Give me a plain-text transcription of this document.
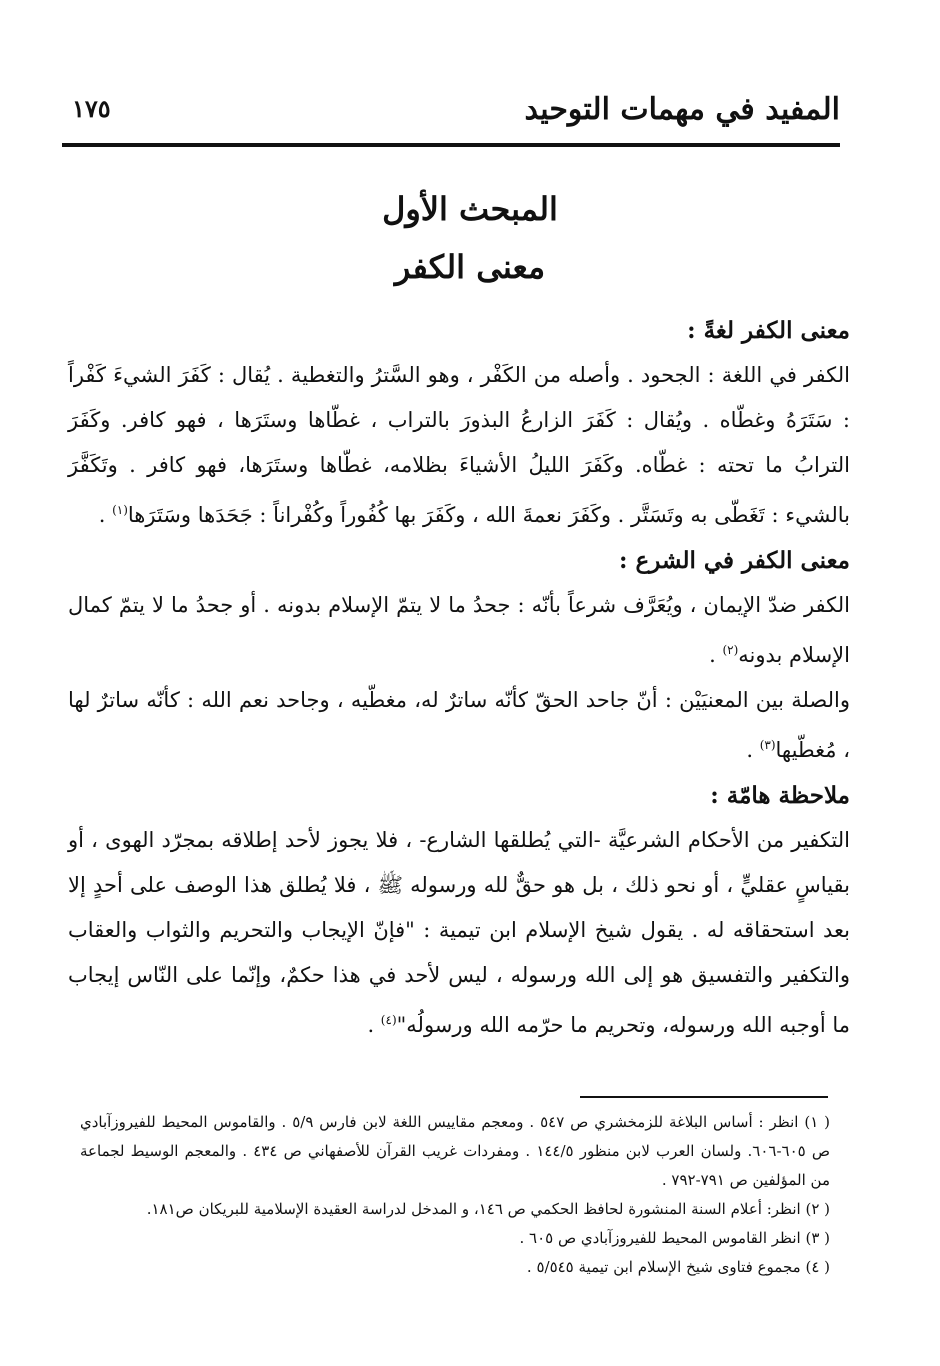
المفيد في مهمات التوحيد
١٧٥
المبحث الأول
معنى الكفر

معنى الكفر لغةً :

الكفر في اللغة : الجحود . وأصله من الكَفْر ، وهو السَّترُ والتغطية . يُقال : كَفَرَ الشيءَ كَفْراً : سَتَرَهُ وغطّاه . ويُقال : كَفَرَ الزارعُ البذورَ بالتراب ، غطّاها وستَرَها ، فهو كافر. وكَفَرَ الترابُ ما تحته : غطّاه. وكَفَرَ الليلُ الأشياءَ بظلامه، غطّاها وستَرَها، فهو كافر . وتَكَفَّرَ بالشيء : تَغَطّى به وتَسَتَّر . وكَفَرَ نعمةَ الله ، وكَفَرَ بها كُفُوراً وكُفْراناً : جَحَدَها وسَتَرَها$^{(١)}$ .

معنى الكفر في الشرع :

الكفر ضدّ الإيمان ، ويُعَرَّف شرعاً بأنّه : جحدُ ما لا يتمّ الإسلام بدونه . أو جحدُ ما لا يتمّ كمال الإسلام بدونه$^{(٢)}$ .

والصلة بين المعنيَيْن : أنّ جاحد الحقّ كأنّه ساترٌ له، مغطّيه ، وجاحد نعم الله : كأنّه ساترٌ لها ، مُغطّيها$^{(٣)}$ .

ملاحظة هامّة :

التكفير من الأحكام الشرعيَّة -التي يُطلقها الشارع- ، فلا يجوز لأحد إطلاقه بمجرّد الهوى ، أو بقياسٍ عقليٍّ ، أو نحو ذلك ، بل هو حقٌّ لله ورسوله ﷺ ، فلا يُطلق هذا الوصف على أحدٍ إلا بعد استحقاقه له . يقول شيخ الإسلام ابن تيمية : "فإنّ الإيجاب والتحريم والثواب والعقاب والتكفير والتفسيق هو إلى الله ورسوله ، ليس لأحد في هذا حكمٌ، وإنّما على النّاس إيجاب ما أوجبه الله ورسوله، وتحريم ما حرّمه الله ورسولُه"$^{(٤)}$ .

( ١) انظر : أساس البلاغة للزمخشري ص ٥٤٧ . ومعجم مقاييس اللغة لابن فارس ٥/٩ . والقاموس المحيط للفيروزآبادي ص ٦٠٥-٦٠٦. ولسان العرب لابن منظور ١٤٤/٥ . ومفردات غريب القرآن للأصفهاني ص ٤٣٤ . والمعجم الوسيط لجماعة من المؤلفين ص ٧٩١-٧٩٢ .

( ٢) انظر: أعلام السنة المنشورة لحافظ الحكمي ص ١٤٦، و المدخل لدراسة العقيدة الإسلامية للبريكان ص١٨١.

( ٣) انظر القاموس المحيط للفيروزآبادي ص ٦٠٥ .

( ٤) مجموع فتاوى شيخ الإسلام ابن تيمية ٥/٥٤٥ .
